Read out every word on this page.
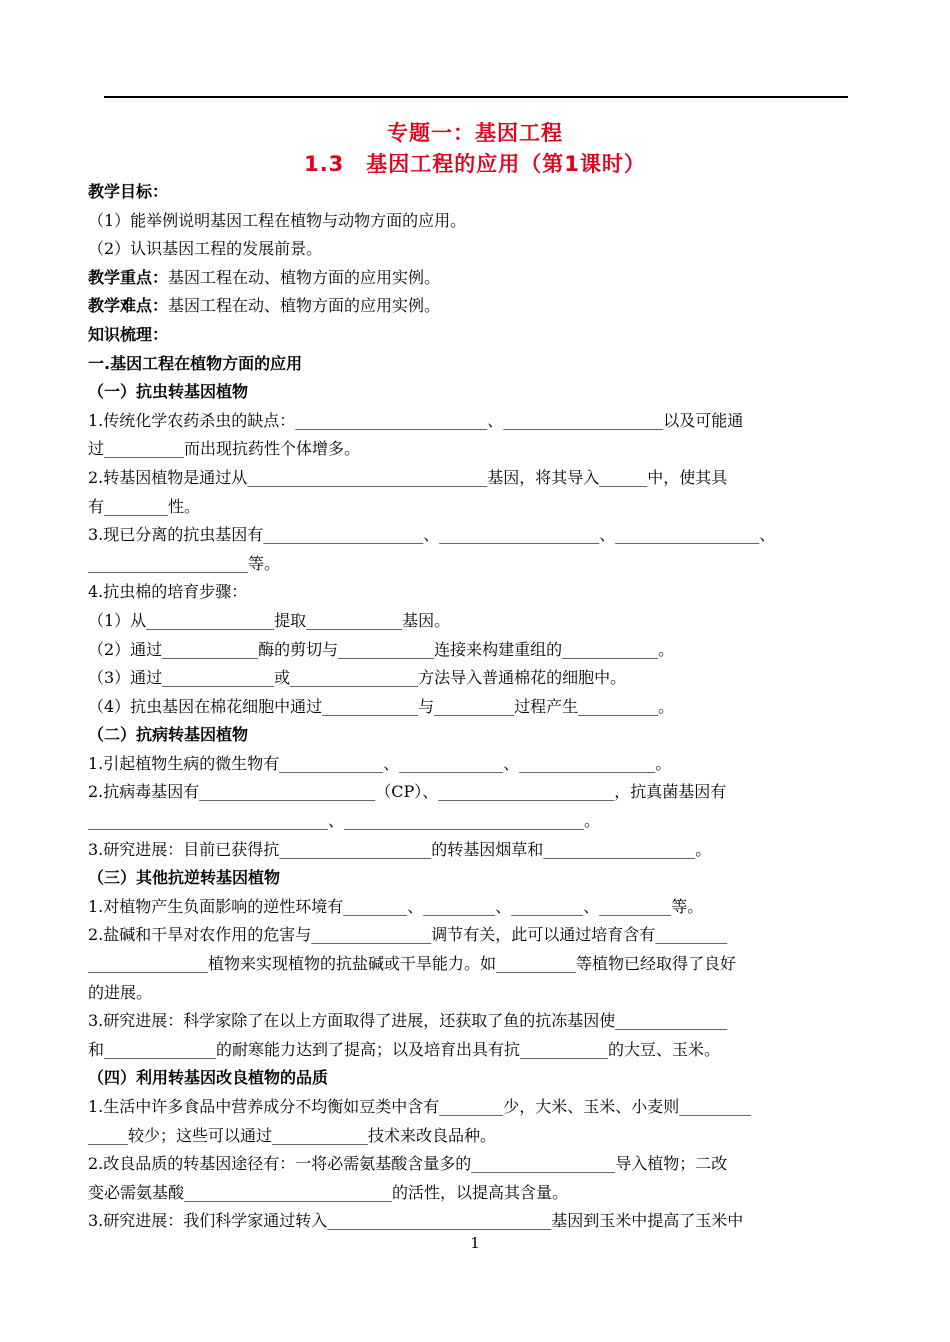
专题一：基因工程
1.3　基因工程的应用（第1课时）
教学目标：
（1）能举例说明基因工程在植物与动物方面的应用。
（2）认识基因工程的发展前景。
教学重点：基因工程在动、植物方面的应用实例。
教学难点：基因工程在动、植物方面的应用实例。
知识梳理：
一.基因工程在植物方面的应用
（一）抗虫转基因植物
1.传统化学农药杀虫的缺点：________________________、____________________以及可能通
过__________而出现抗药性个体增多。
2.转基因植物是通过从______________________________基因，将其导入______中，使其具
有________性。
3.现已分离的抗虫基因有____________________、____________________、__________________、
____________________等。
4.抗虫棉的培育步骤：
（1）从________________提取____________基因。
（2）通过____________酶的剪切与____________连接来构建重组的____________。
（3）通过______________或________________方法导入普通棉花的细胞中。
（4）抗虫基因在棉花细胞中通过____________与__________过程产生__________。
（二）抗病转基因植物
1.引起植物生病的微生物有_____________、_____________、_________________。
2.抗病毒基因有______________________（CP）、______________________，抗真菌基因有
______________________________、______________________________。
3.研究进展：目前已获得抗___________________的转基因烟草和___________________。
（三）其他抗逆转基因植物
1.对植物产生负面影响的逆性环境有________、_________、_________、_________等。
2.盐碱和干旱对农作用的危害与_______________调节有关，此可以通过培育含有_________
_______________植物来实现植物的抗盐碱或干旱能力。如__________等植物已经取得了良好
的进展。
3.研究进展：科学家除了在以上方面取得了进展，还获取了鱼的抗冻基因使______________
和______________的耐寒能力达到了提高；以及培育出具有抗___________的大豆、玉米。
（四）利用转基因改良植物的品质
1.生活中许多食品中营养成分不均衡如豆类中含有________少，大米、玉米、小麦则_________
_____较少；这些可以通过____________技术来改良品种。
2.改良品质的转基因途径有：一将必需氨基酸含量多的__________________导入植物；二改
变必需氨基酸__________________________的活性，以提高其含量。
3.研究进展：我们科学家通过转入____________________________基因到玉米中提高了玉米中
1
